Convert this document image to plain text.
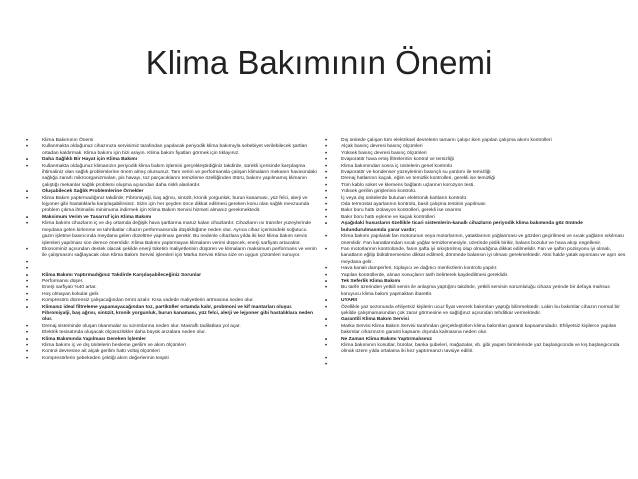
Klima Bakımının Önemi
•	Klima Bakımının Önemi
•	Kullanmakta olduğunuz cihazınıza servisimiz tarafından yapılacak periyodik klima bakımıyla sebebiyet verilebilecek şartları ortadan kaldırmak. Klima bakımı için bizi arayın. Klima bakım fiyatları görmek için tıklayınız.
•	Daha Sağlıklı Bir Hayat için Klima Bakımı
•	Kullanmakta olduğunuz klimanızın periyodik klima bakım işlemini gerçekleştirdiğiniz takdirde, sürekli içerisinde karşılaşma ihtimaliniz olan sağlık problemlerine önem almış olursunuz. Tam verim ve performansla çalışan klimaların mekanın havasındaki sağlığa zararlı mikroorganizmaları, pis havayı, toz parçacıklarını temizleme özelliğinden ötürü, bakımı yapılmamış klimanın çalıştığı mekanlar sağlık problemi oluşma açısından daha riskli alanlardır.
•	Oluşabilecek Sağlık Problemlerine Örnekler
•	Klima Bakım yaptırmadığınız takdirde; Fibromiyalji, baş ağrısı, sinüzit, kronik yorgunluk, burun kanaması, yüz felci, alerji ve lejyoner gibi hastalıklarla karşılaşabilirsiniz. Sizin için her şeyden önce dikkat edilmesi gereken konu olan sağlık mevzuunda problem çıkma ihtimalini minimuma indirmek için Klima Bakım Servisi hizmeti almanız gerekmektedir.
•	Maksimum Verim ve Tasarruf için Klima Bakımı
•	Klima bakımı cihazların iç ve dış ortamda değişik hava şartlarına maruz kalan cihazlardır. Cihazların ısı transfer yüzeylerinde meydana gelen kirlenme ve tahribatlar cihazın performansında düşüklüğüne neden olur. Ayrıca cihaz içerisindeki soğutucu gazın işletme basıncında meydana gelen düzeltme yapılması gerekir. Bu nedenle cihazlara yılda iki kez klima bakım servis işlemleri yapılması son derece önemlidir. Klima Bakımı yaptırmayan klimaların verimi düşecek, enerji sarfiyatı artacaktır.
•	Ekonominiz açısından destek olacak şekilde enerji tüketim maliyetlerinin düşüren ve klimaların maksimum performans ve verim ile çalışmasını sağlayacak olan Klima Bakım Servisi işlemleri için Marka Servisi Klima size en uygun çözümleri sunuyor.
•
•
•	Klima Bakımı Yaptırmadığınız Takdirde Karşılaşabileceğiniz Sorunlar
•	Performansı düşer.
•	Enerji sarfiyatı %40 artar.
•	Hoş olmayan kokular gelir.
•	Kompresörü düzensiz çalışacağından ömrü azalır. Kısa vadede maliyetlerin artmasına neden olur.
•	Klimanız ideal filtreleme yapamayacağından toz, partiküller ortamda kalır, probmoni ve kif mantarları oluşur. Fibromiyalji, baş ağrısı, sinüzit, kronik yorgunluk, burun kanaması, yüz felci, alerji ve lejyoner gibi hastalıklara neden olur.
•	Drenaj sisteminde oluşan tıkanmalar su sızıntılarına neden olur. Masraflı tadilatlara yol açar.
•	Elektrik tesisatında oluşacak ölçüsüzlükler daha büyük arızalara neden olur.
•	Klima Bakımında Yapılması Gereken İşlemler
•	Klima bakımı iç ve dış ünitelerin besleme gerilim ve akım ölçümleri
•	Kontrol devresine ait alçak gerilim hattı voltaj ölçümleri
•	Kompresörlerin şebekeden çektiği akım değerlerinin tespiti
•	Dış ünitede çalışan tüm elektriksel devrelerin tamamı çalışır iken yapılan çalışma akımı kontrolleri
•	Alçak basınç devresi basınç ölçümleri
•	Yüksek basınç devresi basınç ölçümleri
•	Evaporatör hava emiş filtrelerinin kontrol ve temizliği
•	Klima bakımından sonra iç ünitelerin genel kontrolü
•	Evaporatör ve kondenser yüzeylerinin basınçlı su yardımı ile temizliği
•	Drenaj hatlarının kaçak, eğim ve temizlik kontrolleri, gerekli ise temizliği
•	Tüm kablo soket ve klemens bağlantı uçlarının korozyon testi.
•	Yüksek gerilim girişlerinin kontrolü.
•	İç veya dış ünitelerde bulunan elektronik kartların kontrolü
•	Oda termostat ayarlarının kontrolü, basit çalışma testinin yapılması
•	Bakır boru hattı izolasyon kontrolleri, gerekli ise onarımı
•	Bakır boru hattı eşleme ve kaçak kontrolleri
•	Aşağıdaki hususların özellikle ticari sistemlerin-kanallı cihazların periyodik klima bakımında göz önünde bulundurulmasında yarar vardır;
•	Klima bakımı yapılarak fan motorunun veya motorlarının, yataklarının yağlanması ve gözden geçirilmesi ve sıcak yağların sıkılması önemlidir. Fan kanatlarından sıcak yağlar temizlenmesiyle, üzerinde pislik birikir, balans bozulur ve hava akışı engellenir.
•	Fan motorlarının kontrolünde, fanın şafta iyi sıkıştırılmış olup olmadığına dikkat edilmelidir. Fan ve şaftın pozisyonu iyi olmalı, kanatların eğilip bükülmemesine dikkat edilmeli, dönmede balansın iyi olması gerekmektedir. Aksi halde yatak aşınması ve aşırı ses meydana gelir.
•	Hava kanalı damperleri, toplayıcı ve dağıtıcı menfezlerin kontrolü yapılır.
•	Yapılan kontrollerde, alınan sonuçların tarih belirterek kaydedilmesi gereklidir.
•	Tek Seferlik Klima Bakımı
•	Bu tarife üzerinden yetkili servis ile anlaşma yaptığını takdirde, yetkili servisin sorumluluğu cihaza yerinde bir defaya mahsus koruyucu klima bakım yapmaktan ibarettir.
•	UYARI!
•	Özellikle yaz sezonunda ehliyetsiz kişilerin ucuz fiyat vererek bakımları yaptığı bilinmektedir. Lakin bu bakımlar cihazın normal bir şekilde çalışmamasından çok zarar görmesine ve sağlığınız açısından tehditkar vermektedir.
•	Garantili Klima Bakım Servisi
•	Marka Servisi Klima Bakım Servisi tarafından gerçekleştirilen klima bakımları garanti kapsamındadır. Ehliyetsiz kişilerce yapılan bakımlar cihazınızın garanti kapsamı dışında kalmasına neden olur.
•	Ne Zaman Klima Bakımı Yaptırmalısınız
•	Klima bakımının konutlar, bürolar, banka şubeleri, mağazalar, vb. gibi yaşam birimlerinde yaz başlangıcında ve kış başlangıcında olmak üzere yılda ortalama iki kez yaptırmanızı tavsiye ediliri.
•
•
